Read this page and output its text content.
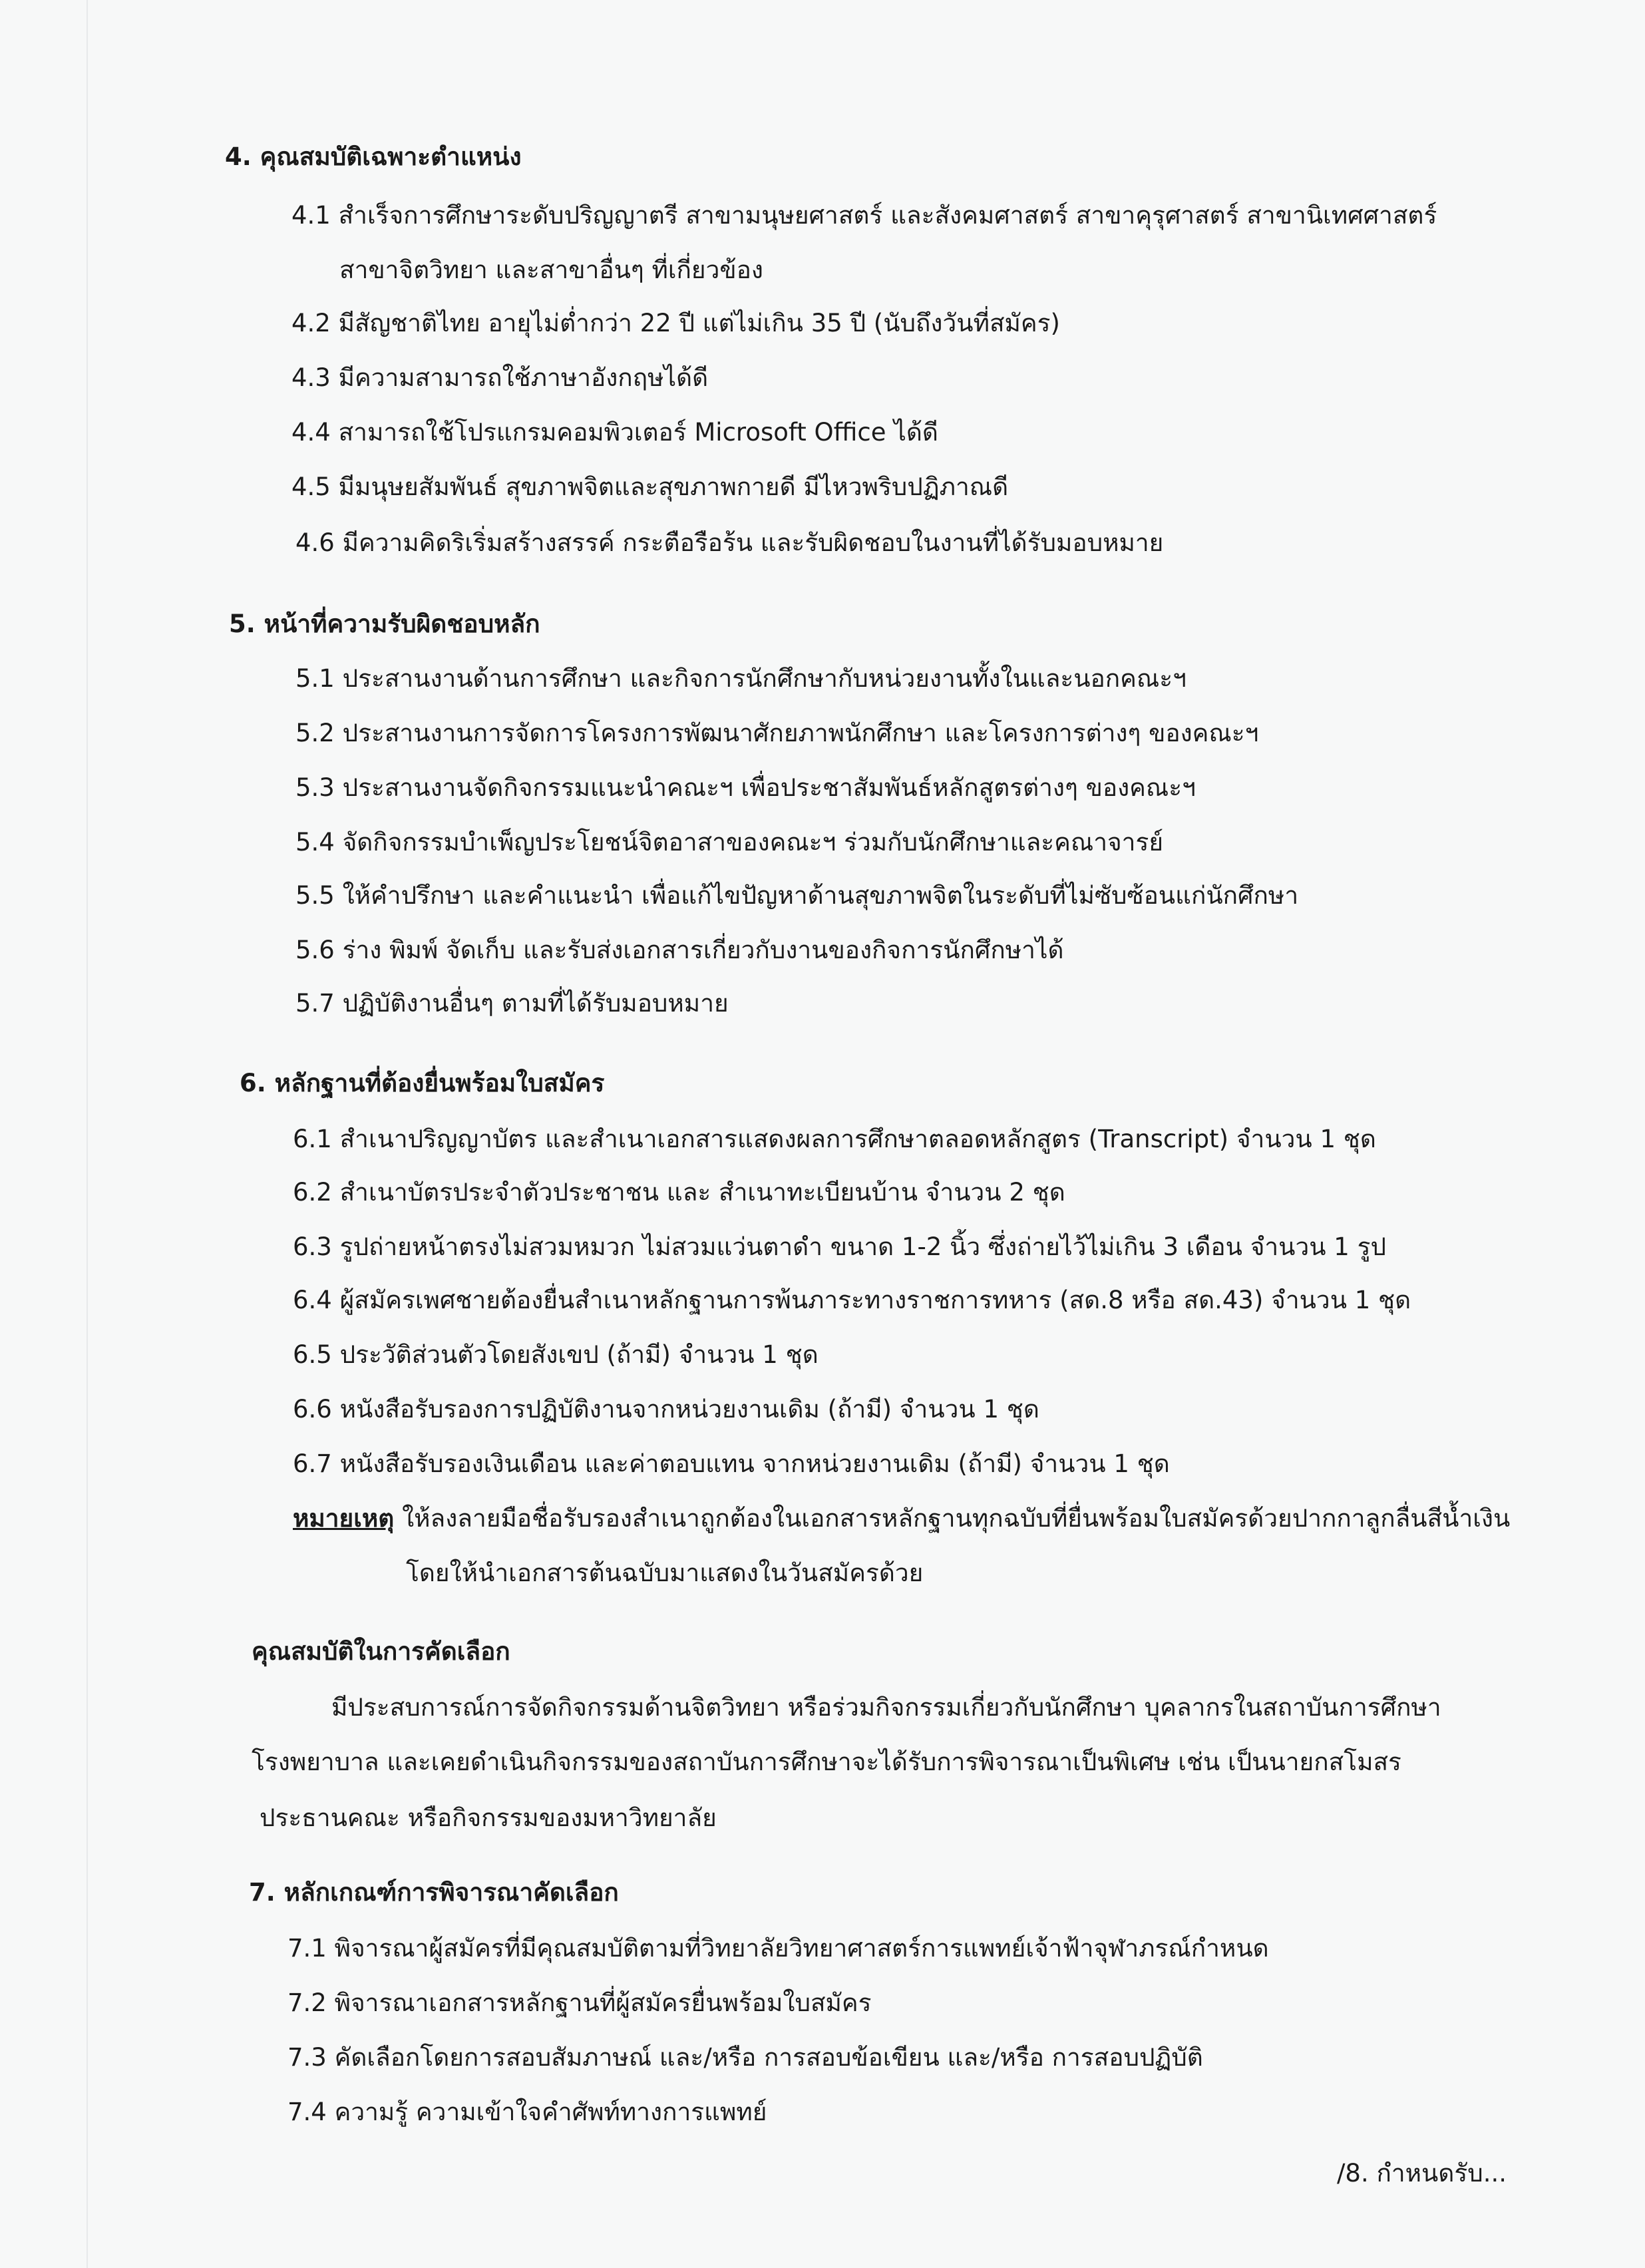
4. คุณสมบัติเฉพาะตำแหน่ง
4.1 สำเร็จการศึกษาระดับปริญญาตรี สาขามนุษยศาสตร์ และสังคมศาสตร์ สาขาคุรุศาสตร์ สาขานิเทศศาสตร์
สาขาจิตวิทยา และสาขาอื่นๆ ที่เกี่ยวข้อง
4.2 มีสัญชาติไทย อายุไม่ต่ำกว่า 22 ปี แต่ไม่เกิน 35 ปี (นับถึงวันที่สมัคร)
4.3 มีความสามารถใช้ภาษาอังกฤษได้ดี
4.4 สามารถใช้โปรแกรมคอมพิวเตอร์ Microsoft Office ได้ดี
4.5 มีมนุษยสัมพันธ์ สุขภาพจิตและสุขภาพกายดี มีไหวพริบปฏิภาณดี
4.6 มีความคิดริเริ่มสร้างสรรค์ กระตือรือร้น และรับผิดชอบในงานที่ได้รับมอบหมาย
5. หน้าที่ความรับผิดชอบหลัก
5.1 ประสานงานด้านการศึกษา และกิจการนักศึกษากับหน่วยงานทั้งในและนอกคณะฯ
5.2 ประสานงานการจัดการโครงการพัฒนาศักยภาพนักศึกษา และโครงการต่างๆ ของคณะฯ
5.3 ประสานงานจัดกิจกรรมแนะนำคณะฯ เพื่อประชาสัมพันธ์หลักสูตรต่างๆ ของคณะฯ
5.4 จัดกิจกรรมบำเพ็ญประโยชน์จิตอาสาของคณะฯ ร่วมกับนักศึกษาและคณาจารย์
5.5 ให้คำปรึกษา และคำแนะนำ เพื่อแก้ไขปัญหาด้านสุขภาพจิตในระดับที่ไม่ซับซ้อนแก่นักศึกษา
5.6 ร่าง พิมพ์ จัดเก็บ และรับส่งเอกสารเกี่ยวกับงานของกิจการนักศึกษาได้
5.7 ปฏิบัติงานอื่นๆ ตามที่ได้รับมอบหมาย
6. หลักฐานที่ต้องยื่นพร้อมใบสมัคร
6.1 สำเนาปริญญาบัตร และสำเนาเอกสารแสดงผลการศึกษาตลอดหลักสูตร (Transcript) จำนวน 1 ชุด
6.2 สำเนาบัตรประจำตัวประชาชน และ สำเนาทะเบียนบ้าน จำนวน 2 ชุด
6.3 รูปถ่ายหน้าตรงไม่สวมหมวก ไม่สวมแว่นตาดำ ขนาด 1-2 นิ้ว ซึ่งถ่ายไว้ไม่เกิน 3 เดือน จำนวน 1 รูป
6.4 ผู้สมัครเพศชายต้องยื่นสำเนาหลักฐานการพ้นภาระทางราชการทหาร (สด.8 หรือ สด.43) จำนวน 1 ชุด
6.5 ประวัติส่วนตัวโดยสังเขป (ถ้ามี) จำนวน 1 ชุด
6.6 หนังสือรับรองการปฏิบัติงานจากหน่วยงานเดิม (ถ้ามี) จำนวน 1 ชุด
6.7 หนังสือรับรองเงินเดือน และค่าตอบแทน จากหน่วยงานเดิม (ถ้ามี) จำนวน 1 ชุด
หมายเหตุ ให้ลงลายมือชื่อรับรองสำเนาถูกต้องในเอกสารหลักฐานทุกฉบับที่ยื่นพร้อมใบสมัครด้วยปากกาลูกลื่นสีน้ำเงิน
โดยให้นำเอกสารต้นฉบับมาแสดงในวันสมัครด้วย
คุณสมบัติในการคัดเลือก
มีประสบการณ์การจัดกิจกรรมด้านจิตวิทยา หรือร่วมกิจกรรมเกี่ยวกับนักศึกษา บุคลากรในสถาบันการศึกษา
โรงพยาบาล และเคยดำเนินกิจกรรมของสถาบันการศึกษาจะได้รับการพิจารณาเป็นพิเศษ เช่น เป็นนายกสโมสร
ประธานคณะ หรือกิจกรรมของมหาวิทยาลัย
7. หลักเกณฑ์การพิจารณาคัดเลือก
7.1 พิจารณาผู้สมัครที่มีคุณสมบัติตามที่วิทยาลัยวิทยาศาสตร์การแพทย์เจ้าฟ้าจุฬาภรณ์กำหนด
7.2 พิจารณาเอกสารหลักฐานที่ผู้สมัครยื่นพร้อมใบสมัคร
7.3 คัดเลือกโดยการสอบสัมภาษณ์ และ/หรือ การสอบข้อเขียน และ/หรือ การสอบปฏิบัติ
7.4 ความรู้ ความเข้าใจคำศัพท์ทางการแพทย์
/8. กำหนดรับ...
